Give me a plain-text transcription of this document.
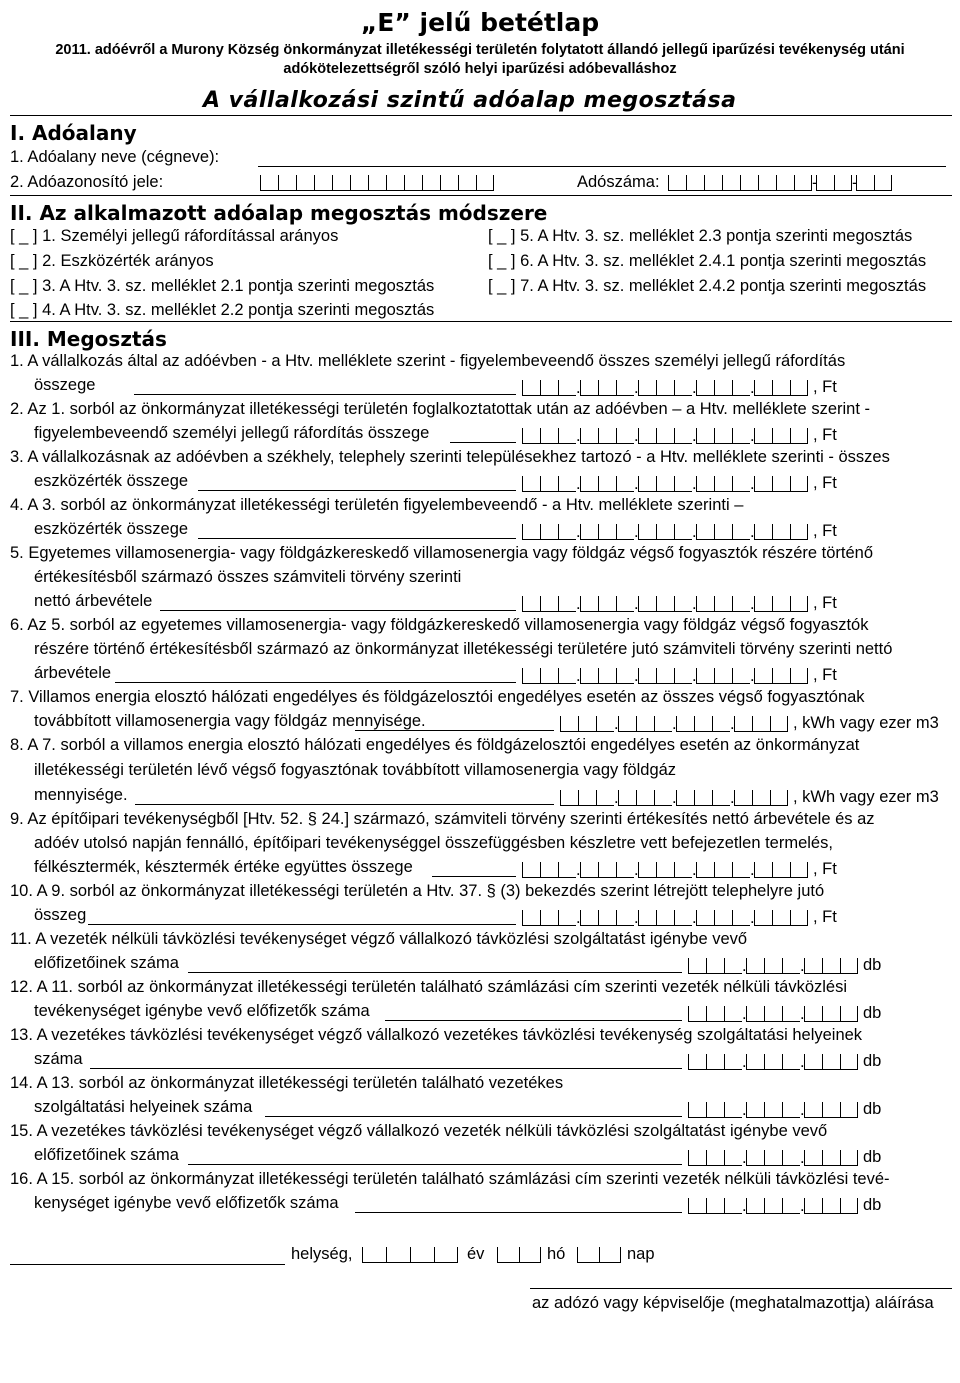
„E” jelű betétlap
2011. adóévről a Murony Község önkormányzat illetékességi területén folytatott állandó jellegű iparűzési tevékenység utáni adókötelezettségről szóló helyi iparűzési adóbevalláshoz
A vállalkozási szintű adóalap megosztása
I. Adóalany
1. Adóalany neve (cégneve):
2. Adóazonosító jele:	Adószáma:	- -
II. Az alkalmazott adóalap megosztás módszere
[ _ ] 1. Személyi jellegű ráfordítással arányos
[ _ ] 2. Eszközérték arányos
[ _ ] 3. A Htv. 3. sz. melléklet 2.1 pontja szerinti megosztás
[ _ ] 4. A Htv. 3. sz. melléklet 2.2 pontja szerinti megosztás
[ _ ] 5. A Htv. 3. sz. melléklet 2.3 pontja szerinti megosztás
[ _ ] 6. A Htv. 3. sz. melléklet 2.4.1 pontja szerinti megosztás
[ _ ] 7. A Htv. 3. sz. melléklet 2.4.2 pontja szerinti megosztás
III. Megosztás
1. A vállalkozás által az adóévben - a Htv. melléklete szerint - figyelembeveendő összes személyi jellegű ráfordítás
összege	.	.	.	.	, Ft
2. Az 1. sorból az önkormányzat illetékességi területén foglalkoztatottak után az adóévben – a Htv. melléklete szerint -
figyelembeveendő személyi jellegű ráfordítás összege	.	.	.	.	, Ft
3. A vállalkozásnak az adóévben a székhely, telephely szerinti településekhez tartozó - a Htv. melléklete szerinti - összes
eszközérték összege	.	.	.	.	, Ft
4. A 3. sorból az önkormányzat illetékességi területén figyelembeveendő - a Htv. melléklete szerinti –
eszközérték összege	.	.	.	.	, Ft
5. Egyetemes villamosenergia- vagy földgázkereskedő villamosenergia vagy földgáz végső fogyasztók részére történő
értékesítésből származó összes számviteli törvény szerinti
nettó árbevétele	.	.	.	.	, Ft
6. Az 5. sorból az egyetemes villamosenergia- vagy földgázkereskedő villamosenergia vagy földgáz végső fogyasztók
részére történő értékesítésből származó az önkormányzat illetékességi területére jutó számviteli törvény szerinti nettó
árbevétele	.	.	.	.	, Ft
7. Villamos energia elosztó hálózati engedélyes és földgázelosztói engedélyes esetén az összes végső fogyasztónak
továbbított villamosenergia vagy földgáz mennyisége.	.	.	.	, kWh vagy ezer m3
8. A 7. sorból a villamos energia elosztó hálózati engedélyes és földgázelosztói engedélyes esetén az önkormányzat
illetékességi területén lévő végső fogyasztónak továbbított villamosenergia vagy földgáz
mennyisége.	.	.	.	, kWh vagy ezer m3
9. Az építőipari tevékenységből [Htv. 52. § 24.] származó, számviteli törvény szerinti értékesítés nettó árbevétele és az
adóév utolsó napján fennálló, építőipari tevékenységgel összefüggésben készletre vett befejezetlen termelés,
félkésztermék, késztermék értéke együttes összege	.	.	.	.	, Ft
10. A 9. sorból az önkormányzat illetékességi területén a Htv. 37. § (3) bekezdés szerint létrejött telephelyre jutó
összeg	.	.	.	.	, Ft
11. A vezeték nélküli távközlési tevékenységet végző vállalkozó távközlési szolgáltatást igénybe vevő
előfizetőinek száma	.	.	db
12. A 11. sorból az önkormányzat illetékességi területén található számlázási cím szerinti vezeték nélküli távközlési
tevékenységet igénybe vevő előfizetők száma	.	.	db
13. A vezetékes távközlési tevékenységet végző vállalkozó vezetékes távközlési tevékenység szolgáltatási helyeinek
száma	.	.	db
14. A 13. sorból az önkormányzat illetékességi területén található vezetékes
szolgáltatási helyeinek száma	.	.	db
15. A vezetékes távközlési tevékenységet végző vállalkozó vezeték nélküli távközlési szolgáltatást igénybe vevő
előfizetőinek száma	.	.	db
16. A 15. sorból az önkormányzat illetékességi területén található számlázási cím szerinti vezeték nélküli távközlési tevé-
kenységet igénybe vevő előfizetők száma	.	.	db
helység,	év	hó	nap
az adózó vagy képviselője (meghatalmazottja) aláírása
